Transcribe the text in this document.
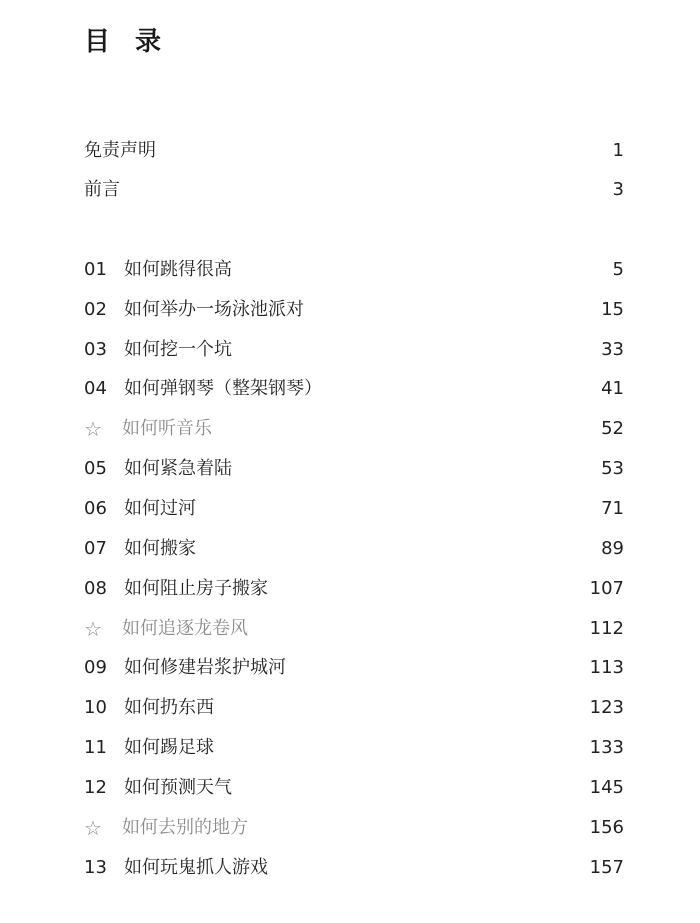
目 录
免责声明	1
前言	3
01 如何跳得很高	5
02 如何举办一场泳池派对	15
03 如何挖一个坑	33
04 如何弹钢琴（整架钢琴）	41
☆	如何听音乐	52
05 如何紧急着陆	53
06 如何过河	71
07 如何搬家	89
08 如何阻止房子搬家	107
☆	如何追逐龙卷风	112
09 如何修建岩浆护城河	113
10 如何扔东西	123
11 如何踢足球	133
12 如何预测天气	145
☆	如何去别的地方	156
13 如何玩鬼抓人游戏	157
